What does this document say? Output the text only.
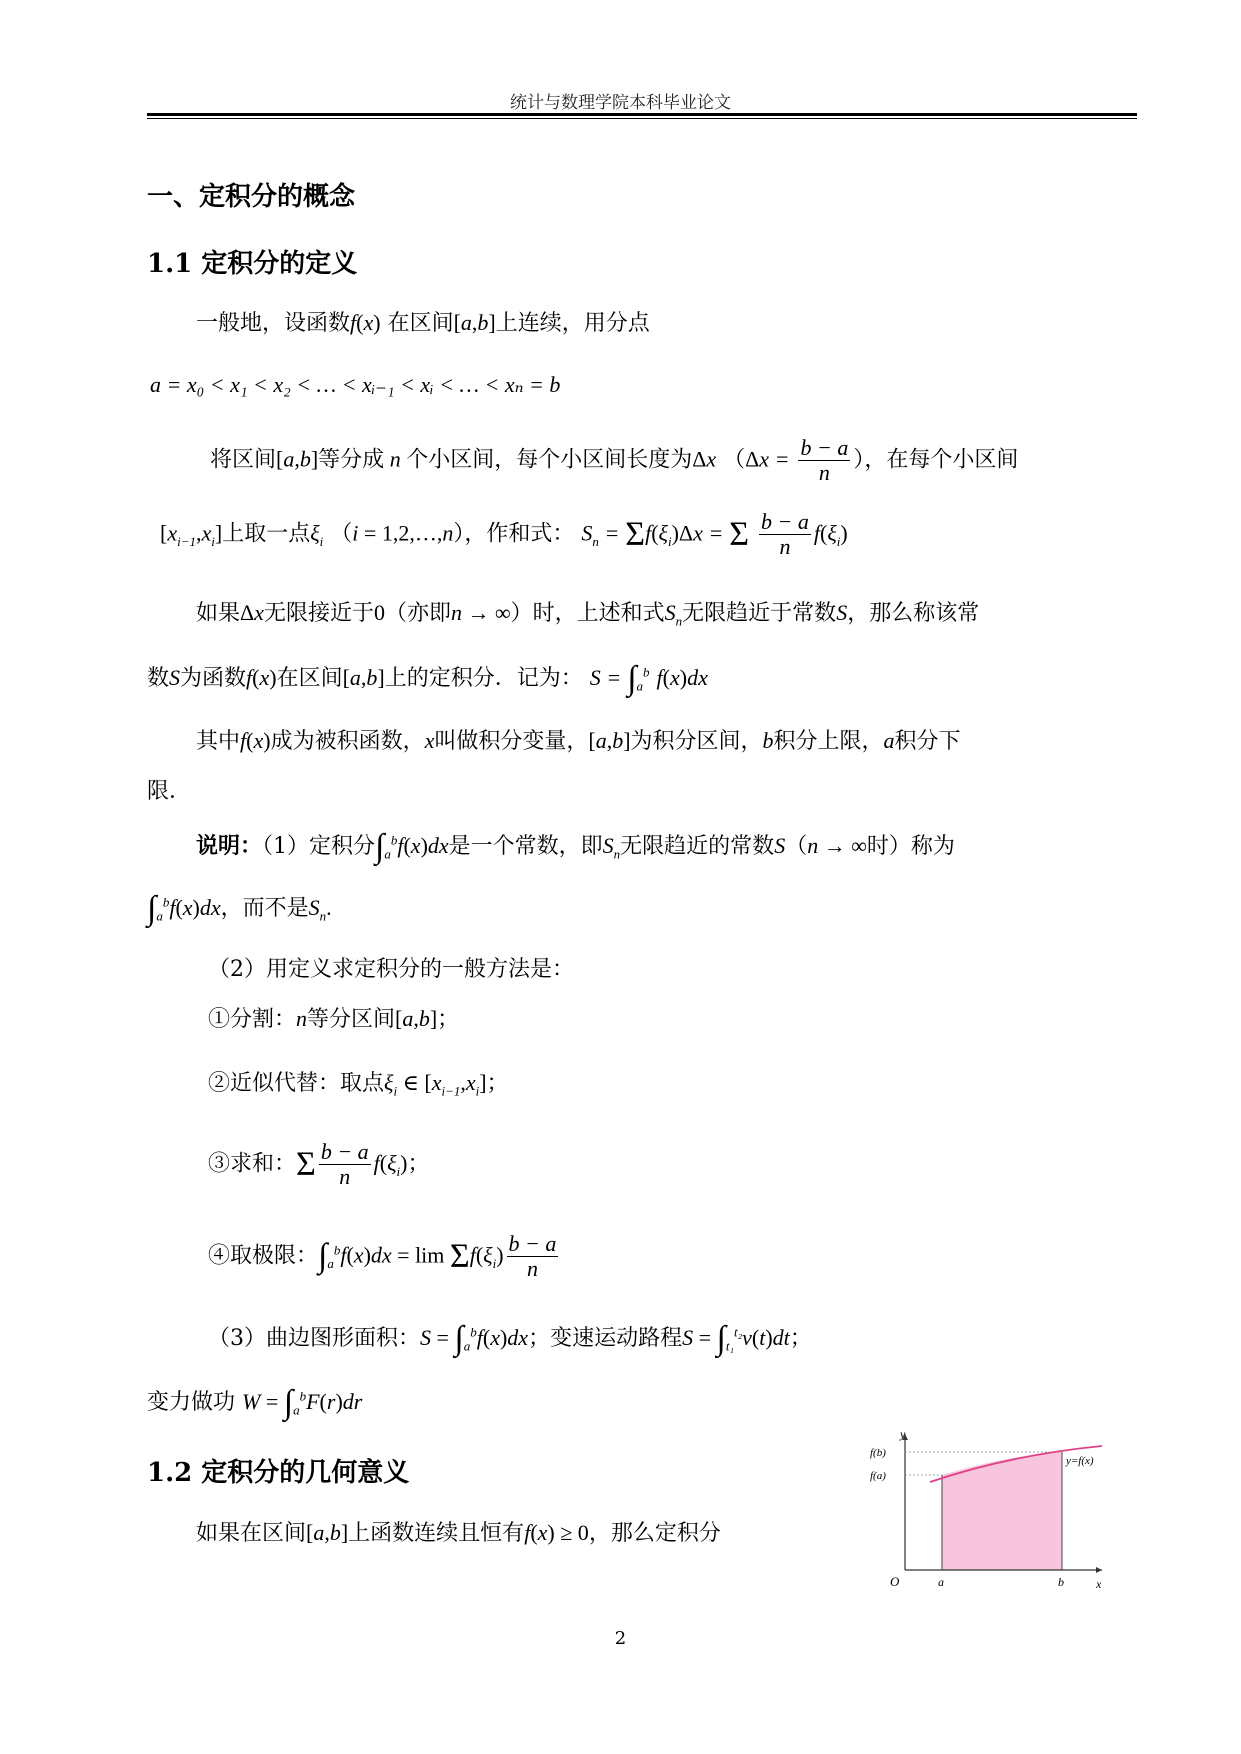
统计与数理学院本科毕业论文
一、定积分的概念
1.1 定积分的定义
一般地，设函数f(x) 在区间[a,b]上连续，用分点
a = x₀ < x₁ < x₂ < … < xᵢ₋₁ < xᵢ < … < xₙ = b
将区间[a,b]等分成 n 个小区间，每个小区间长度为Δx （$\Delta x = \frac{b - a}{n}$ ），在每个小区间
$[x_{i-1},x_i]$上取一点$\xi_i$ （i = 1,2,…,n），作和式： $S_n = \Sigma f(\xi_i)\Delta x = \Sigma \frac{b - a}{n} f(\xi_i)$
如果Δx无限接近于0（亦即n → ∞）时，上述和式$S_n$无限趋近于常数S，那么称该常
数S为函数f(x)在区间[a,b]上的定积分．记为： $S = \int_a^b$ f(x)dx
其中f(x)成为被积函数，x叫做积分变量，[a,b]为积分区间，b积分上限，a积分下
限．
说明：（1）定积分$\int_a^bf(x)dx$是一个常数，即$S_n$无限趋近的常数S（n → ∞时）称为
$\int_a^bf(x)dx$，而不是$S_n$.
（2）用定义求定积分的一般方法是：
①分割：n等分区间[a,b]；
②近似代替：取点$\xi_i$ ∈ $[x_{i-1},x_i]$；
③求和：Σ $\frac{b - a}{n} f(\xi_i)$；
④取极限：$\int_a^bf(x)dx = \lim \Sigma f(\xi_i) \frac{b - a}{n}$
（3）曲边图形面积：$S = \int_a^bf(x)dx$；变速运动路程$S = \int_{t_1}^{t_2}v(t)dt$；
变力做功 $W = \int_a^bF(r)dr$
1.2 定积分的几何意义
如果在区间[a,b]上函数连续且恒有f(x) ≥ 0，那么定积分
y
x
O	a	b
f(a)
f(b)
y=f(x)
2
